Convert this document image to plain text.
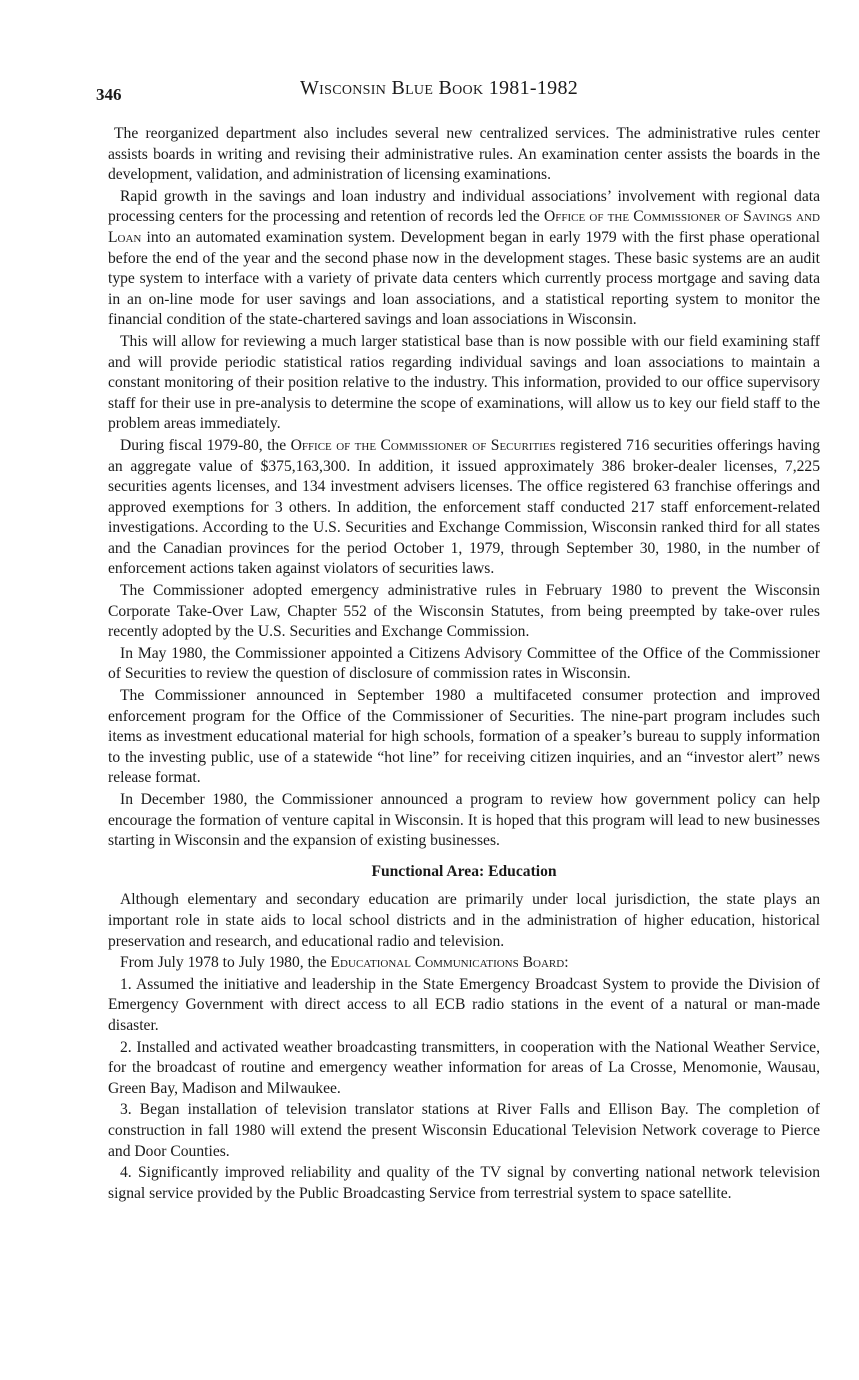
346	Wisconsin Blue Book 1981-1982

The reorganized department also includes several new centralized services. The administrative rules center assists boards in writing and revising their administrative rules. An examination center assists the boards in the development, validation, and administration of licensing examinations.

Rapid growth in the savings and loan industry and individual associations’ involvement with regional data processing centers for the processing and retention of records led the Office of the Commissioner of Savings and Loan into an automated examination system. Development began in early 1979 with the first phase operational before the end of the year and the second phase now in the development stages. These basic systems are an audit type system to interface with a variety of private data centers which currently process mortgage and saving data in an on-line mode for user savings and loan associations, and a statistical reporting system to monitor the financial condition of the state-chartered savings and loan associations in Wisconsin.

This will allow for reviewing a much larger statistical base than is now possible with our field examining staff and will provide periodic statistical ratios regarding individual savings and loan associations to maintain a constant monitoring of their position relative to the industry. This information, provided to our office supervisory staff for their use in pre-analysis to determine the scope of examinations, will allow us to key our field staff to the problem areas immediately.

During fiscal 1979-80, the Office of the Commissioner of Securities registered 716 securities offerings having an aggregate value of $375,163,300. In addition, it issued approximately 386 broker-dealer licenses, 7,225 securities agents licenses, and 134 investment advisers licenses. The office registered 63 franchise offerings and approved exemptions for 3 others. In addition, the enforcement staff conducted 217 staff enforcement-related investigations. According to the U.S. Securities and Exchange Commission, Wisconsin ranked third for all states and the Canadian provinces for the period October 1, 1979, through September 30, 1980, in the number of enforcement actions taken against violators of securities laws.

The Commissioner adopted emergency administrative rules in February 1980 to prevent the Wisconsin Corporate Take-Over Law, Chapter 552 of the Wisconsin Statutes, from being preempted by take-over rules recently adopted by the U.S. Securities and Exchange Commission.

In May 1980, the Commissioner appointed a Citizens Advisory Committee of the Office of the Commissioner of Securities to review the question of disclosure of commission rates in Wisconsin.

The Commissioner announced in September 1980 a multifaceted consumer protection and improved enforcement program for the Office of the Commissioner of Securities. The nine-part program includes such items as investment educational material for high schools, formation of a speaker’s bureau to supply information to the investing public, use of a statewide “hot line” for receiving citizen inquiries, and an “investor alert” news release format.

In December 1980, the Commissioner announced a program to review how government policy can help encourage the formation of venture capital in Wisconsin. It is hoped that this program will lead to new businesses starting in Wisconsin and the expansion of existing businesses.

Functional Area: Education

Although elementary and secondary education are primarily under local jurisdiction, the state plays an important role in state aids to local school districts and in the administration of higher education, historical preservation and research, and educational radio and television.

From July 1978 to July 1980, the Educational Communications Board:

1. Assumed the initiative and leadership in the State Emergency Broadcast System to provide the Division of Emergency Government with direct access to all ECB radio stations in the event of a natural or man-made disaster.

2. Installed and activated weather broadcasting transmitters, in cooperation with the National Weather Service, for the broadcast of routine and emergency weather information for areas of La Crosse, Menomonie, Wausau, Green Bay, Madison and Milwaukee.

3. Began installation of television translator stations at River Falls and Ellison Bay. The completion of construction in fall 1980 will extend the present Wisconsin Educational Television Network coverage to Pierce and Door Counties.

4. Significantly improved reliability and quality of the TV signal by converting national network television signal service provided by the Public Broadcasting Service from terrestrial system to space satellite.
